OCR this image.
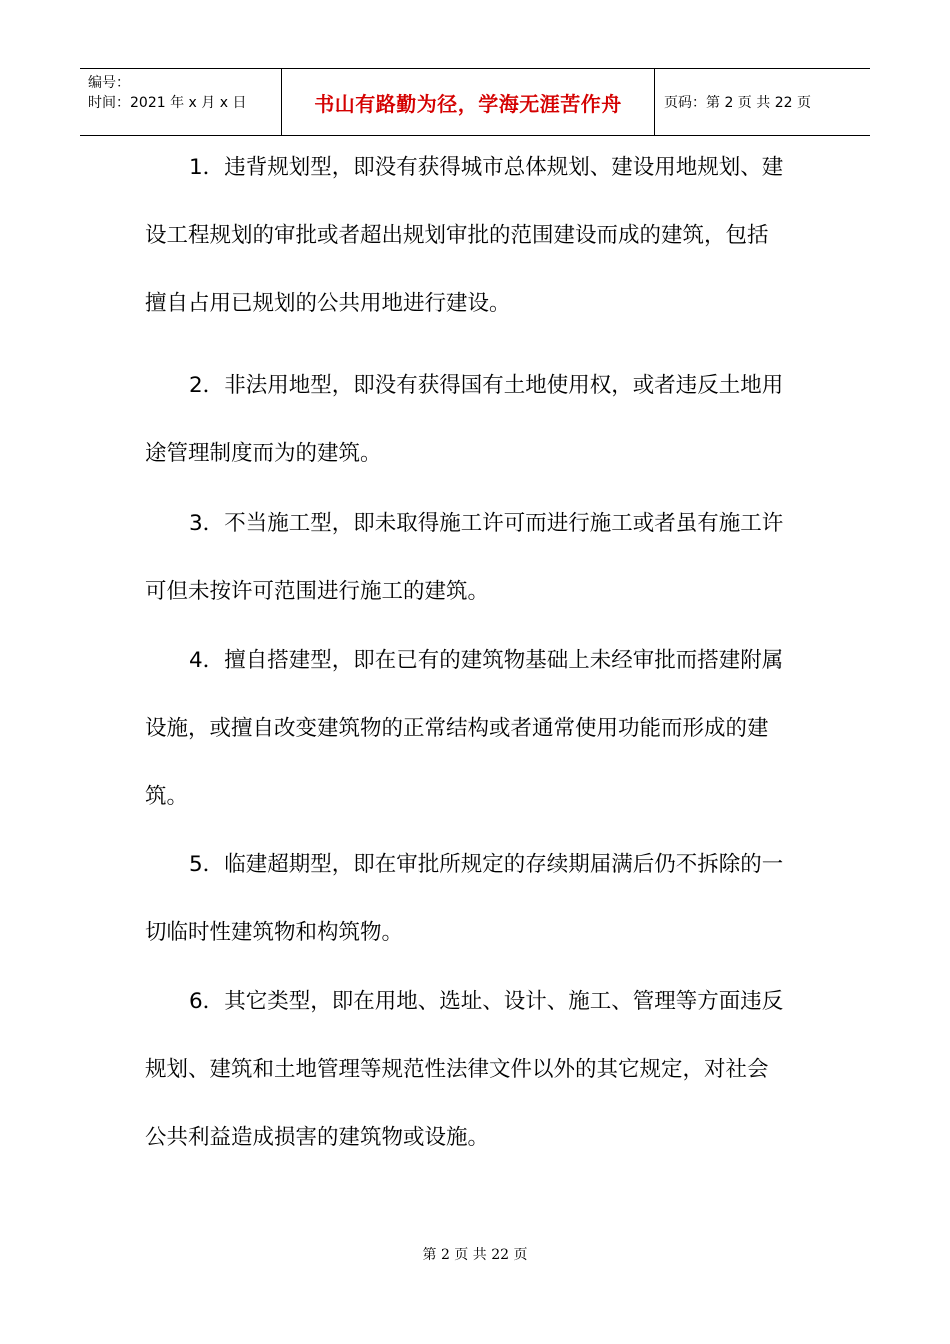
编号：
时间：2021 年 x 月 x 日	书山有路勤为径，学海无涯苦作舟	页码：第 2 页 共 22 页
1．违背规划型，即没有获得城市总体规划、建设用地规划、建
设工程规划的审批或者超出规划审批的范围建设而成的建筑，包括
擅自占用已规划的公共用地进行建设。
2．非法用地型，即没有获得国有土地使用权，或者违反土地用
途管理制度而为的建筑。
3．不当施工型，即未取得施工许可而进行施工或者虽有施工许
可但未按许可范围进行施工的建筑。
4．擅自搭建型，即在已有的建筑物基础上未经审批而搭建附属
设施，或擅自改变建筑物的正常结构或者通常使用功能而形成的建
筑。
5．临建超期型，即在审批所规定的存续期届满后仍不拆除的一
切临时性建筑物和构筑物。
6．其它类型，即在用地、选址、设计、施工、管理等方面违反
规划、建筑和土地管理等规范性法律文件以外的其它规定，对社会
公共利益造成损害的建筑物或设施。
第 2 页 共 22 页
